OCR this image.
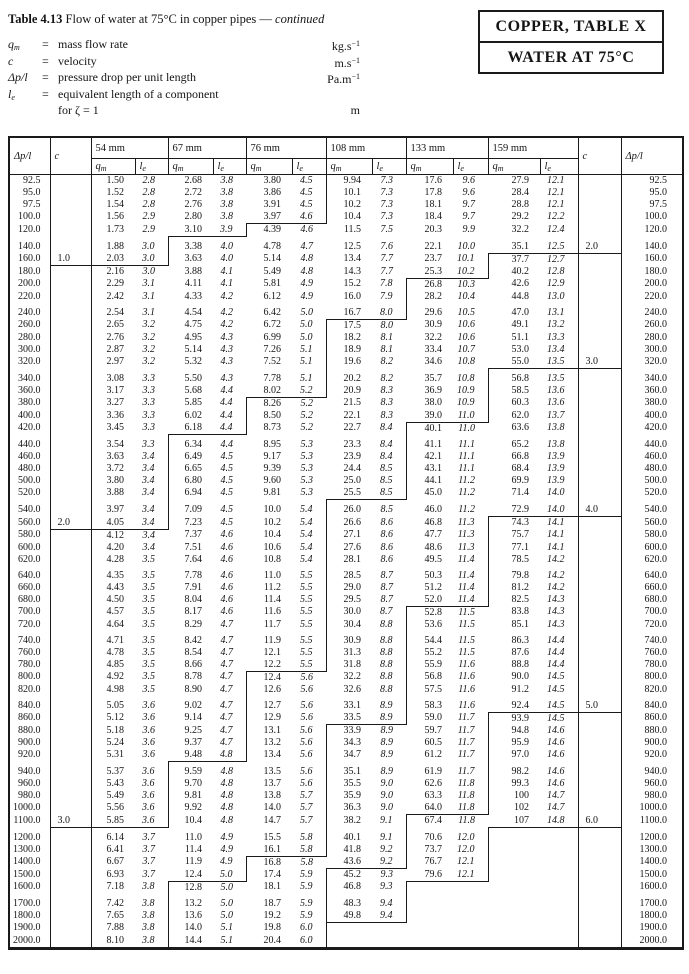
Table 4.13 Flow of water at 75°C in copper pipes — continued
$q_m$	= mass flow rate	$kg.s^{-1}$
c	= velocity	$m.s^{-1}$
Δp/l	= pressure drop per unit length	$Pa.m^{-1}$
$l_e$	= equivalent length of a component
for ζ = 1	m
COPPER, TABLE X
WATER AT 75°C
Δp/l	c	54 mm		67 mm		76 mm		108 mm		133 mm		159 mm		c	Δp/l
		$q_m$	$l_e$	$q_m$	$l_e$	$q_m$	$l_e$	$q_m$	$l_e$	$q_m$	$l_e$	$q_m$	$l_e$
92.5		1.50	2.8	2.68	3.8	3.80	4.5	9.94	7.3	17.6	9.6	27.9	12.1		92.5
95.0		1.52	2.8	2.72	3.8	3.86	4.5	10.1	7.3	17.8	9.6	28.4	12.1		95.0
97.5		1.54	2.8	2.76	3.8	3.91	4.5	10.2	7.3	18.1	9.7	28.8	12.1		97.5
100.0		1.56	2.9	2.80	3.8	3.97	4.6	10.4	7.3	18.4	9.7	29.2	12.2		100.0
120.0		1.73	2.9	3.10	3.9	4.39	4.6	11.5	7.5	20.3	9.9	32.2	12.4		120.0

140.0		1.88	3.0	3.38	4.0	4.78	4.7	12.5	7.6	22.1	10.0	35.1	12.5	2.0	140.0
160.0	1.0	2.03	3.0	3.63	4.0	5.14	4.8	13.4	7.7	23.7	10.1	37.7	12.7		160.0
180.0		2.16	3.0	3.88	4.1	5.49	4.8	14.3	7.7	25.3	10.2	40.2	12.8		180.0
200.0		2.29	3.1	4.11	4.1	5.81	4.9	15.2	7.8	26.8	10.3	42.6	12.9		200.0
220.0		2.42	3.1	4.33	4.2	6.12	4.9	16.0	7.9	28.2	10.4	44.8	13.0		220.0

240.0		2.54	3.1	4.54	4.2	6.42	5.0	16.7	8.0	29.6	10.5	47.0	13.1		240.0
260.0		2.65	3.2	4.75	4.2	6.72	5.0	17.5	8.0	30.9	10.6	49.1	13.2		260.0
280.0		2.76	3.2	4.95	4.3	6.99	5.0	18.2	8.1	32.2	10.6	51.1	13.3		280.0
300.0		2.87	3.2	5.14	4.3	7.26	5.1	18.9	8.1	33.4	10.7	53.0	13.4		300.0
320.0		2.97	3.2	5.32	4.3	7.52	5.1	19.6	8.2	34.6	10.8	55.0	13.5	3.0	320.0

340.0		3.08	3.3	5.50	4.3	7.78	5.1	20.2	8.2	35.7	10.8	56.8	13.5		340.0
360.0		3.17	3.3	5.68	4.4	8.02	5.2	20.9	8.3	36.9	10.9	58.5	13.6		360.0
380.0		3.27	3.3	5.85	4.4	8.26	5.2	21.5	8.3	38.0	10.9	60.3	13.6		380.0
400.0		3.36	3.3	6.02	4.4	8.50	5.2	22.1	8.3	39.0	11.0	62.0	13.7		400.0
420.0		3.45	3.3	6.18	4.4	8.73	5.2	22.7	8.4	40.1	11.0	63.6	13.8		420.0

440.0		3.54	3.3	6.34	4.4	8.95	5.3	23.3	8.4	41.1	11.1	65.2	13.8		440.0
460.0		3.63	3.4	6.49	4.5	9.17	5.3	23.9	8.4	42.1	11.1	66.8	13.9		460.0
480.0		3.72	3.4	6.65	4.5	9.39	5.3	24.4	8.5	43.1	11.1	68.4	13.9		480.0
500.0		3.80	3.4	6.80	4.5	9.60	5.3	25.0	8.5	44.1	11.2	69.9	13.9		500.0
520.0		3.88	3.4	6.94	4.5	9.81	5.3	25.5	8.5	45.0	11.2	71.4	14.0		520.0

540.0		3.97	3.4	7.09	4.5	10.0	5.4	26.0	8.5	46.0	11.2	72.9	14.0	4.0	540.0
560.0	2.0	4.05	3.4	7.23	4.5	10.2	5.4	26.6	8.6	46.8	11.3	74.3	14.1		560.0
580.0		4.12	3.4	7.37	4.6	10.4	5.4	27.1	8.6	47.7	11.3	75.7	14.1		580.0
600.0		4.20	3.4	7.51	4.6	10.6	5.4	27.6	8.6	48.6	11.3	77.1	14.1		600.0
620.0		4.28	3.5	7.64	4.6	10.8	5.4	28.1	8.6	49.5	11.4	78.5	14.2		620.0

640.0		4.35	3.5	7.78	4.6	11.0	5.5	28.5	8.7	50.3	11.4	79.8	14.2		640.0
660.0		4.43	3.5	7.91	4.6	11.2	5.5	29.0	8.7	51.2	11.4	81.2	14.2		660.0
680.0		4.50	3.5	8.04	4.6	11.4	5.5	29.5	8.7	52.0	11.4	82.5	14.3		680.0
700.0		4.57	3.5	8.17	4.6	11.6	5.5	30.0	8.7	52.8	11.5	83.8	14.3		700.0
720.0		4.64	3.5	8.29	4.7	11.7	5.5	30.4	8.8	53.6	11.5	85.1	14.3		720.0

740.0		4.71	3.5	8.42	4.7	11.9	5.5	30.9	8.8	54.4	11.5	86.3	14.4		740.0
760.0		4.78	3.5	8.54	4.7	12.1	5.5	31.3	8.8	55.2	11.5	87.6	14.4		760.0
780.0		4.85	3.5	8.66	4.7	12.2	5.5	31.8	8.8	55.9	11.6	88.8	14.4		780.0
800.0		4.92	3.5	8.78	4.7	12.4	5.6	32.2	8.8	56.8	11.6	90.0	14.5		800.0
820.0		4.98	3.5	8.90	4.7	12.6	5.6	32.6	8.8	57.5	11.6	91.2	14.5		820.0

840.0		5.05	3.6	9.02	4.7	12.7	5.6	33.1	8.9	58.3	11.6	92.4	14.5	5.0	840.0
860.0		5.12	3.6	9.14	4.7	12.9	5.6	33.5	8.9	59.0	11.7	93.9	14.5		860.0
880.0		5.18	3.6	9.25	4.7	13.1	5.6	33.9	8.9	59.7	11.7	94.8	14.6		880.0
900.0		5.24	3.6	9.37	4.7	13.2	5.6	34.3	8.9	60.5	11.7	95.9	14.6		900.0
920.0		5.31	3.6	9.48	4.8	13.4	5.6	34.7	8.9	61.2	11.7	97.0	14.6		920.0

940.0		5.37	3.6	9.59	4.8	13.5	5.6	35.1	8.9	61.9	11.7	98.2	14.6		940.0
960.0		5.43	3.6	9.70	4.8	13.7	5.6	35.5	9.0	62.6	11.8	99.3	14.6		960.0
980.0		5.49	3.6	9.81	4.8	13.8	5.7	35.9	9.0	63.3	11.8	100	14.7		980.0
1000.0		5.56	3.6	9.92	4.8	14.0	5.7	36.3	9.0	64.0	11.8	102	14.7		1000.0
1100.0	3.0	5.85	3.6	10.4	4.8	14.7	5.7	38.2	9.1	67.4	11.8	107	14.8	6.0	1100.0

1200.0		6.14	3.7	11.0	4.9	15.5	5.8	40.1	9.1	70.6	12.0				1200.0
1300.0		6.41	3.7	11.4	4.9	16.1	5.8	41.8	9.2	73.7	12.0				1300.0
1400.0		6.67	3.7	11.9	4.9	16.8	5.8	43.6	9.2	76.7	12.1				1400.0
1500.0		6.93	3.7	12.4	5.0	17.4	5.9	45.2	9.3	79.6	12.1				1500.0
1600.0		7.18	3.8	12.8	5.0	18.1	5.9	46.8	9.3						1600.0

1700.0		7.42	3.8	13.2	5.0	18.7	5.9	48.3	9.4						1700.0
1800.0		7.65	3.8	13.6	5.0	19.2	5.9	49.8	9.4						1800.0
1900.0		7.88	3.8	14.0	5.1	19.8	6.0								1900.0
2000.0		8.10	3.8	14.4	5.1	20.4	6.0								2000.0
